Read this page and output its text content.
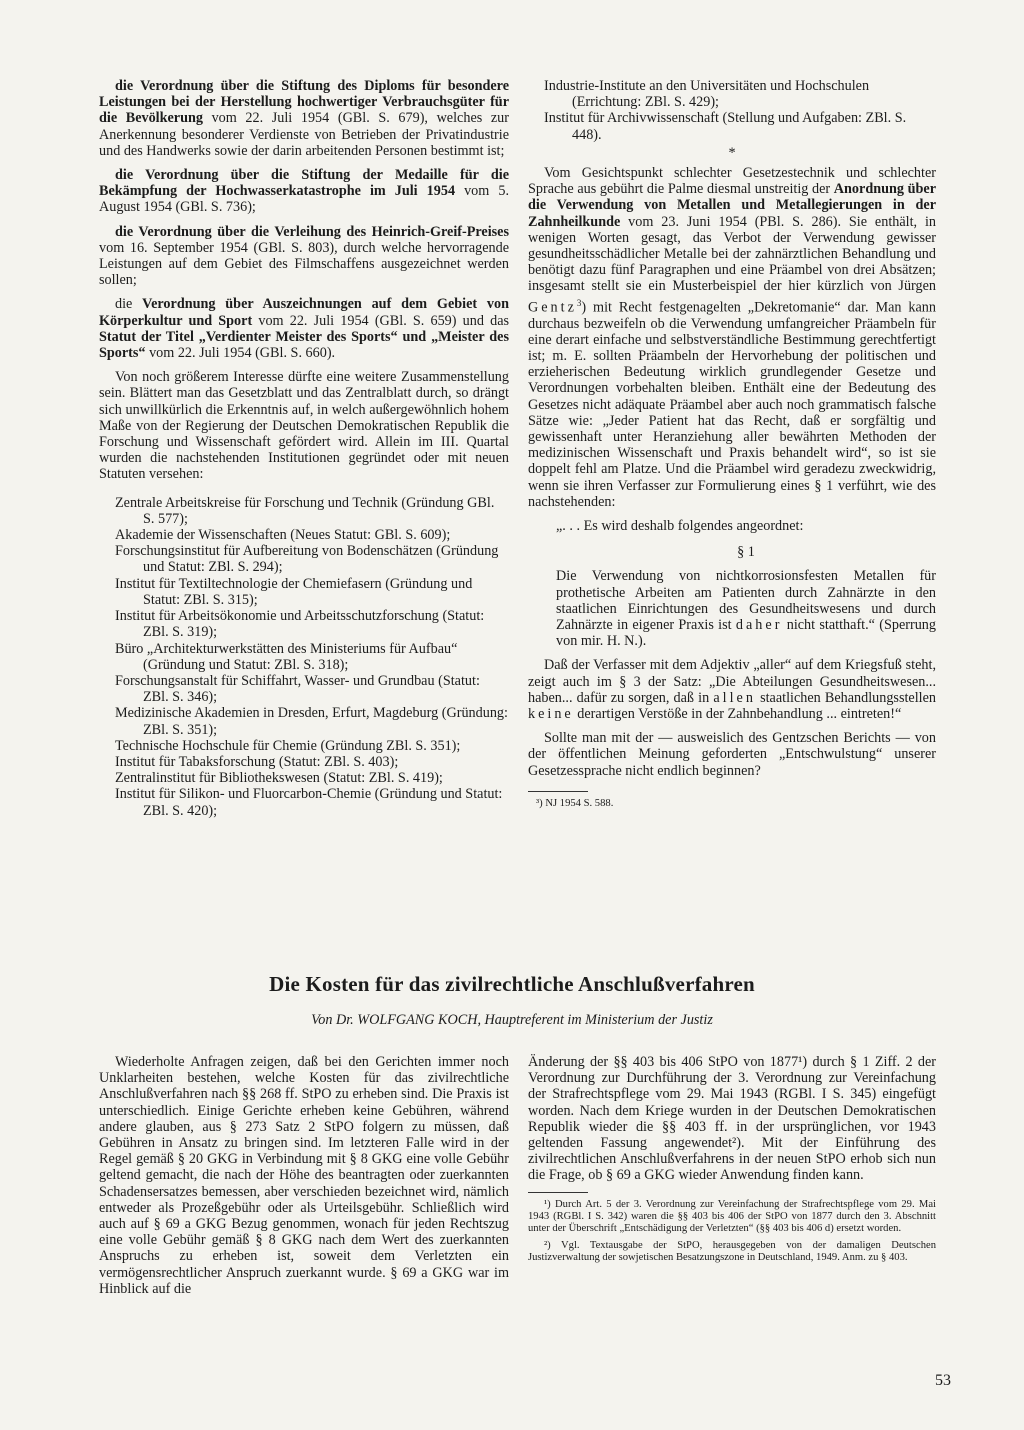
die Verordnung über die Stiftung des Diploms für besondere Leistungen bei der Herstellung hochwertiger Verbrauchsgüter für die Bevölkerung vom 22. Juli 1954 (GBl. S. 679), welches zur Anerkennung besonderer Verdienste von Betrieben der Privatindustrie und des Handwerks sowie der darin arbeitenden Personen bestimmt ist;

die Verordnung über die Stiftung der Medaille für die Bekämpfung der Hochwasserkatastrophe im Juli 1954 vom 5. August 1954 (GBl. S. 736);

die Verordnung über die Verleihung des Heinrich-Greif-Preises vom 16. September 1954 (GBl. S. 803), durch welche hervorragende Leistungen auf dem Gebiet des Filmschaffens ausgezeichnet werden sollen;

die Verordnung über Auszeichnungen auf dem Gebiet von Körperkultur und Sport vom 22. Juli 1954 (GBl. S. 659) und das Statut der Titel „Verdienter Meister des Sports“ und „Meister des Sports“ vom 22. Juli 1954 (GBl. S. 660).

Von noch größerem Interesse dürfte eine weitere Zusammenstellung sein. Blättert man das Gesetzblatt und das Zentralblatt durch, so drängt sich unwillkürlich die Erkenntnis auf, in welch außergewöhnlich hohem Maße von der Regierung der Deutschen Demokratischen Republik die Forschung und Wissenschaft gefördert wird. Allein im III. Quartal wurden die nachstehenden Institutionen gegründet oder mit neuen Statuten versehen:

Zentrale Arbeitskreise für Forschung und Technik (Gründung GBl. S. 577);
Akademie der Wissenschaften (Neues Statut: GBl. S. 609);
Forschungsinstitut für Aufbereitung von Bodenschätzen (Gründung und Statut: ZBl. S. 294);
Institut für Textiltechnologie der Chemiefasern (Gründung und Statut: ZBl. S. 315);
Institut für Arbeitsökonomie und Arbeitsschutzforschung (Statut: ZBl. S. 319);
Büro „Architekturwerkstätten des Ministeriums für Aufbau“ (Gründung und Statut: ZBl. S. 318);
Forschungsanstalt für Schiffahrt, Wasser- und Grundbau (Statut: ZBl. S. 346);
Medizinische Akademien in Dresden, Erfurt, Magdeburg (Gründung: ZBl. S. 351);
Technische Hochschule für Chemie (Gründung ZBl. S. 351);
Institut für Tabaksforschung (Statut: ZBl. S. 403);
Zentralinstitut für Bibliothekswesen (Statut: ZBl. S. 419);
Institut für Silikon- und Fluorcarbon-Chemie (Gründung und Statut: ZBl. S. 420);
Industrie-Institute an den Universitäten und Hochschulen (Errichtung: ZBl. S. 429);
Institut für Archivwissenschaft (Stellung und Aufgaben: ZBl. S. 448).
*

Vom Gesichtspunkt schlechter Gesetzestechnik und schlechter Sprache aus gebührt die Palme diesmal unstreitig der Anordnung über die Verwendung von Metallen und Metallegierungen in der Zahnheilkunde vom 23. Juni 1954 (PBl. S. 286). Sie enthält, in wenigen Worten gesagt, das Verbot der Verwendung gewisser gesundheitsschädlicher Metalle bei der zahnärztlichen Behandlung und benötigt dazu fünf Paragraphen und eine Präambel von drei Absätzen; insgesamt stellt sie ein Musterbeispiel der hier kürzlich von Jürgen Gentz$^3$) mit Recht festgenagelten „Dekretomanie“ dar. Man kann durchaus bezweifeln ob die Verwendung umfangreicher Präambeln für eine derart einfache und selbstverständliche Bestimmung gerechtfertigt ist; m. E. sollten Präambeln der Hervorhebung der politischen und erzieherischen Bedeutung wirklich grundlegender Gesetze und Verordnungen vorbehalten bleiben. Enthält eine der Bedeutung des Gesetzes nicht adäquate Präambel aber auch noch grammatisch falsche Sätze wie: „Jeder Patient hat das Recht, daß er sorgfältig und gewissenhaft unter Heranziehung aller bewährten Methoden der medizinischen Wissenschaft und Praxis behandelt wird“, so ist sie doppelt fehl am Platze. Und die Präambel wird geradezu zweckwidrig, wenn sie ihren Verfasser zur Formulierung eines § 1 verführt, wie des nachstehenden:

„. . . Es wird deshalb folgendes angeordnet:

§ 1

Die Verwendung von nichtkorrosionsfesten Metallen für prothetische Arbeiten am Patienten durch Zahnärzte in den staatlichen Einrichtungen des Gesundheitswesens und durch Zahnärzte in eigener Praxis ist daher nicht statthaft.“ (Sperrung von mir. H. N.).

Daß der Verfasser mit dem Adjektiv „aller“ auf dem Kriegsfuß steht, zeigt auch im § 3 der Satz: „Die Abteilungen Gesundheitswesen... haben... dafür zu sorgen, daß in allen staatlichen Behandlungsstellen keine derartigen Verstöße in der Zahnbehandlung ... eintreten!“

Sollte man mit der — ausweislich des Gentzschen Berichts — von der öffentlichen Meinung geforderten „Entschwulstung“ unserer Gesetzessprache nicht endlich beginnen?

³) NJ 1954 S. 588.
Die Kosten für das zivilrechtliche Anschlußverfahren
Von Dr. WOLFGANG KOCH, Hauptreferent im Ministerium der Justiz

Wiederholte Anfragen zeigen, daß bei den Gerichten immer noch Unklarheiten bestehen, welche Kosten für das zivilrechtliche Anschlußverfahren nach §§ 268 ff. StPO zu erheben sind. Die Praxis ist unterschiedlich. Einige Gerichte erheben keine Gebühren, während andere glauben, aus § 273 Satz 2 StPO folgern zu müssen, daß Gebühren in Ansatz zu bringen sind. Im letzteren Falle wird in der Regel gemäß § 20 GKG in Verbindung mit § 8 GKG eine volle Gebühr geltend gemacht, die nach der Höhe des beantragten oder zuerkannten Schadensersatzes bemessen, aber verschieden bezeichnet wird, nämlich entweder als Prozeßgebühr oder als Urteilsgebühr. Schließlich wird auch auf § 69 a GKG Bezug genommen, wonach für jeden Rechtszug eine volle Gebühr gemäß § 8 GKG nach dem Wert des zuerkannten Anspruchs zu erheben ist, soweit dem Verletzten ein vermögensrechtlicher Anspruch zuerkannt wurde. § 69 a GKG war im Hinblick auf die

Änderung der §§ 403 bis 406 StPO von 1877¹) durch § 1 Ziff. 2 der Verordnung zur Durchführung der 3. Verordnung zur Vereinfachung der Strafrechtspflege vom 29. Mai 1943 (RGBl. I S. 345) eingefügt worden. Nach dem Kriege wurden in der Deutschen Demokratischen Republik wieder die §§ 403 ff. in der ursprünglichen, vor 1943 geltenden Fassung angewendet²). Mit der Einführung des zivilrechtlichen Anschlußverfahrens in der neuen StPO erhob sich nun die Frage, ob § 69 a GKG wieder Anwendung finden kann.

¹) Durch Art. 5 der 3. Verordnung zur Vereinfachung der Strafrechtspflege vom 29. Mai 1943 (RGBl. I S. 342) waren die §§ 403 bis 406 der StPO von 1877 durch den 3. Abschnitt unter der Überschrift „Entschädigung der Verletzten“ (§§ 403 bis 406 d) ersetzt worden.
²) Vgl. Textausgabe der StPO, herausgegeben von der damaligen Deutschen Justizverwaltung der sowjetischen Besatzungszone in Deutschland, 1949. Anm. zu § 403.
53
